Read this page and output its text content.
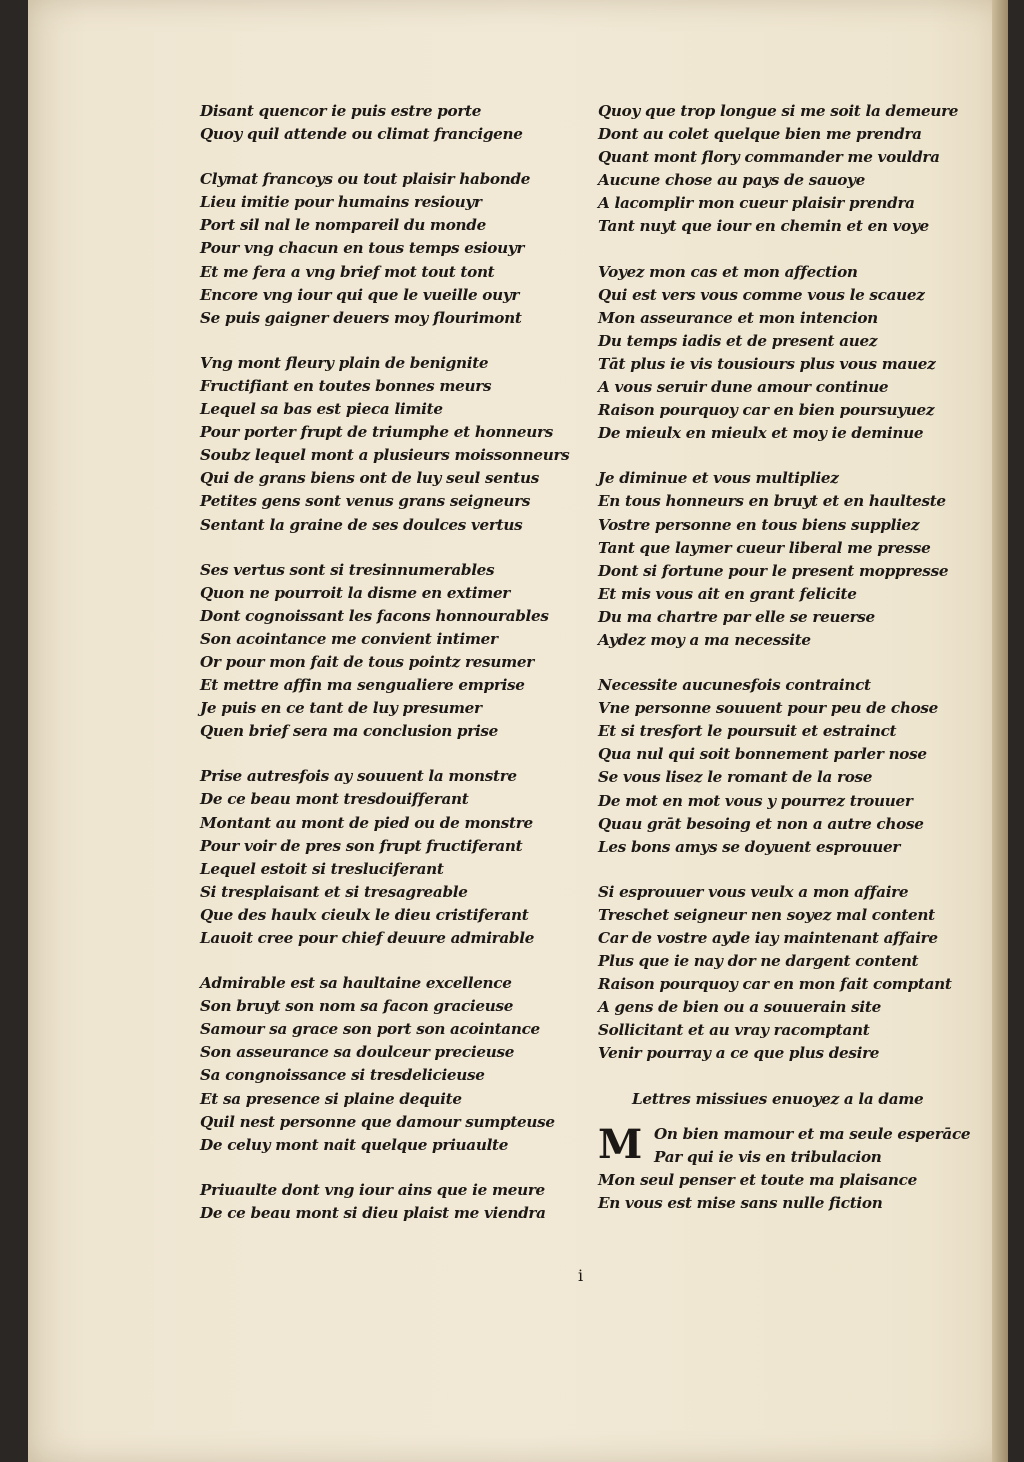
Disant quencor ie puis estre porte
Quoy quil attende ou climat francigene
Clymat francoys ou tout plaisir habonde
Lieu imitie pour humains resiouyr
Port sil nal le nompareil du monde
Pour vng chacun en tous temps esiouyr
Et me fera a vng brief mot tout tont
Encore vng iour qui que le vueille ouyr
Se puis gaigner deuers moy flourimont
Vng mont fleury plain de benignite
Fructifiant en toutes bonnes meurs
Lequel sa bas est pieca limite
Pour porter frupt de triumphe et honneurs
Soubz lequel mont a plusieurs moissonneurs
Qui de grans biens ont de luy seul sentus
Petites gens sont venus grans seigneurs
Sentant la graine de ses doulces vertus
Ses vertus sont si tresinnumerables
Quon ne pourroit la disme en extimer
Dont cognoissant les facons honnourables
Son acointance me convient intimer
Or pour mon fait de tous pointz resumer
Et mettre affin ma sengualiere emprise
Je puis en ce tant de luy presumer
Quen brief sera ma conclusion prise
Prise autresfois ay souuent la monstre
De ce beau mont tresdouifferant
Montant au mont de pied ou de monstre
Pour voir de pres son frupt fructiferant
Lequel estoit si tresluciferant
Si tresplaisant et si tresagreable
Que des haulx cieulx le dieu cristiferant
Lauoit cree pour chief deuure admirable
Admirable est sa haultaine excellence
Son bruyt son nom sa facon gracieuse
Samour sa grace son port son acointance
Son asseurance sa doulceur precieuse
Sa congnoissance si tresdelicieuse
Et sa presence si plaine dequite
Quil nest personne que damour sumpteuse
De celuy mont nait quelque priuaulte
Priuaulte dont vng iour ains que ie meure
De ce beau mont si dieu plaist me viendra
Quoy que trop longue si me soit la demeure
Dont au colet quelque bien me prendra
Quant mont flory commander me vouldra
Aucune chose au pays de sauoye
A lacomplir mon cueur plaisir prendra
Tant nuyt que iour en chemin et en voye
Voyez mon cas et mon affection
Qui est vers vous comme vous le scauez
Mon asseurance et mon intencion
Du temps iadis et de present auez
Tāt plus ie vis tousiours plus vous mauez
A vous seruir dune amour continue
Raison pourquoy car en bien poursuyuez
De mieulx en mieulx et moy ie deminue
Je diminue et vous multipliez
En tous honneurs en bruyt et en haulteste
Vostre personne en tous biens suppliez
Tant que laymer cueur liberal me presse
Dont si fortune pour le present moppresse
Et mis vous ait en grant felicite
Du ma chartre par elle se reuerse
Aydez moy a ma necessite
Necessite aucunesfois contrainct
Vne personne souuent pour peu de chose
Et si tresfort le poursuit et estrainct
Qua nul qui soit bonnement parler nose
Se vous lisez le romant de la rose
De mot en mot vous y pourrez trouuer
Quau grāt besoing et non a autre chose
Les bons amys se doyuent esprouuer
Si esprouuer vous veulx a mon affaire
Treschet seigneur nen soyez mal content
Car de vostre ayde iay maintenant affaire
Plus que ie nay dor ne dargent content
Raison pourquoy car en mon fait comptant
A gens de bien ou a souuerain site
Sollicitant et au vray racomptant
Venir pourray a ce que plus desire
Lettres missiues enuoyez a la dame
M On bien mamour et ma seule esperāce
Par qui ie vis en tribulacion
Mon seul penser et toute ma plaisance
En vous est mise sans nulle fiction
i
